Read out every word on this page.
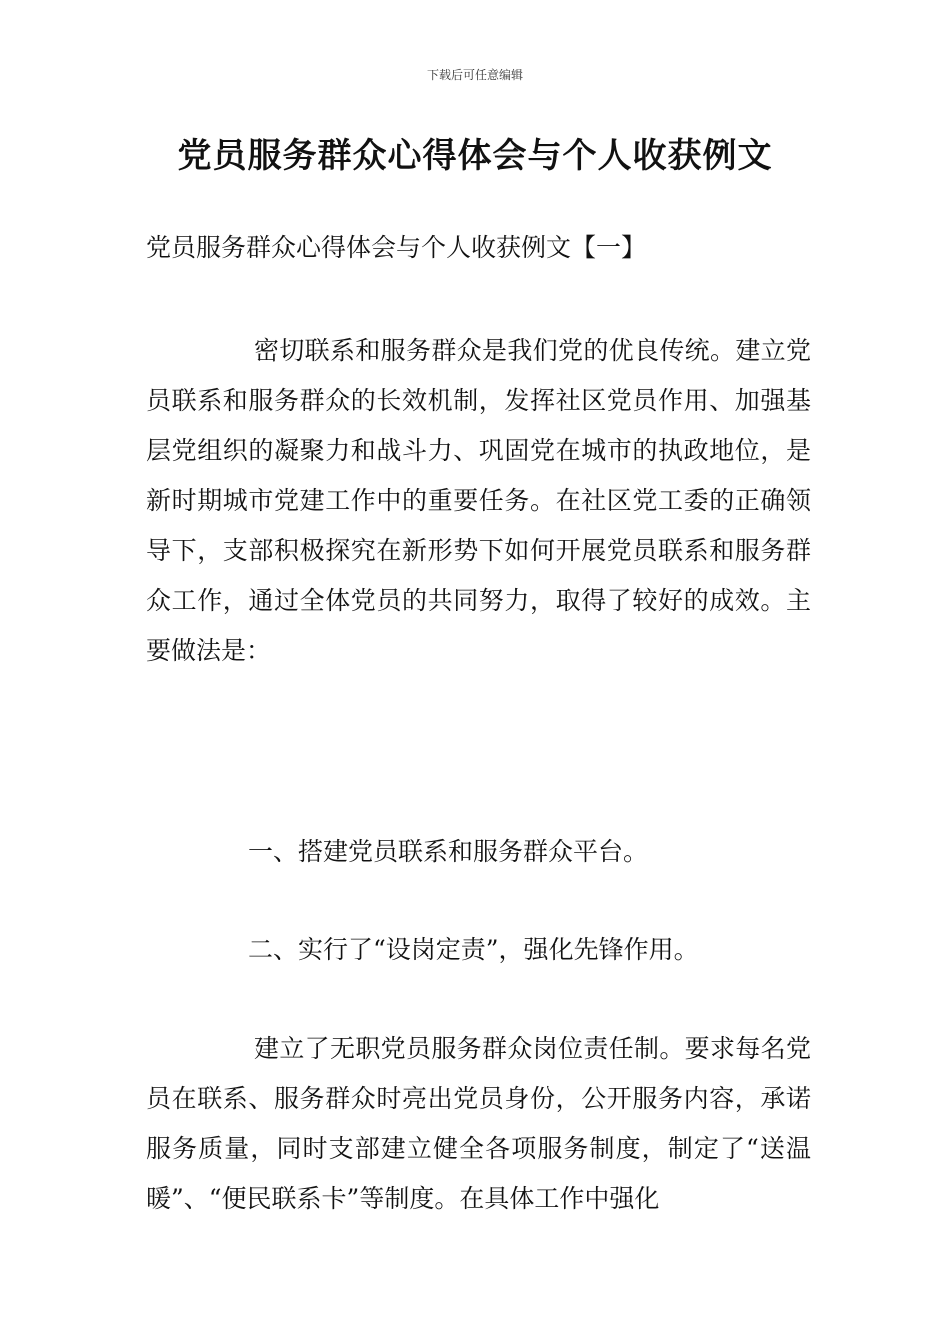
下载后可任意编辑
党员服务群众心得体会与个人收获例文

党员服务群众心得体会与个人收获例文【一】

密切联系和服务群众是我们党的优良传统。建立党员联系和服务群众的长效机制，发挥社区党员作用、加强基层党组织的凝聚力和战斗力、巩固党在城市的执政地位，是新时期城市党建工作中的重要任务。在社区党工委的正确领导下，支部积极探究在新形势下如何开展党员联系和服务群众工作，通过全体党员的共同努力，取得了较好的成效。主要做法是：

一、搭建党员联系和服务群众平台。

二、实行了“设岗定责”，强化先锋作用。

建立了无职党员服务群众岗位责任制。要求每名党员在联系、服务群众时亮出党员身份，公开服务内容，承诺服务质量，同时支部建立健全各项服务制度，制定了“送温暖”、“便民联系卡”等制度。在具体工作中强化
